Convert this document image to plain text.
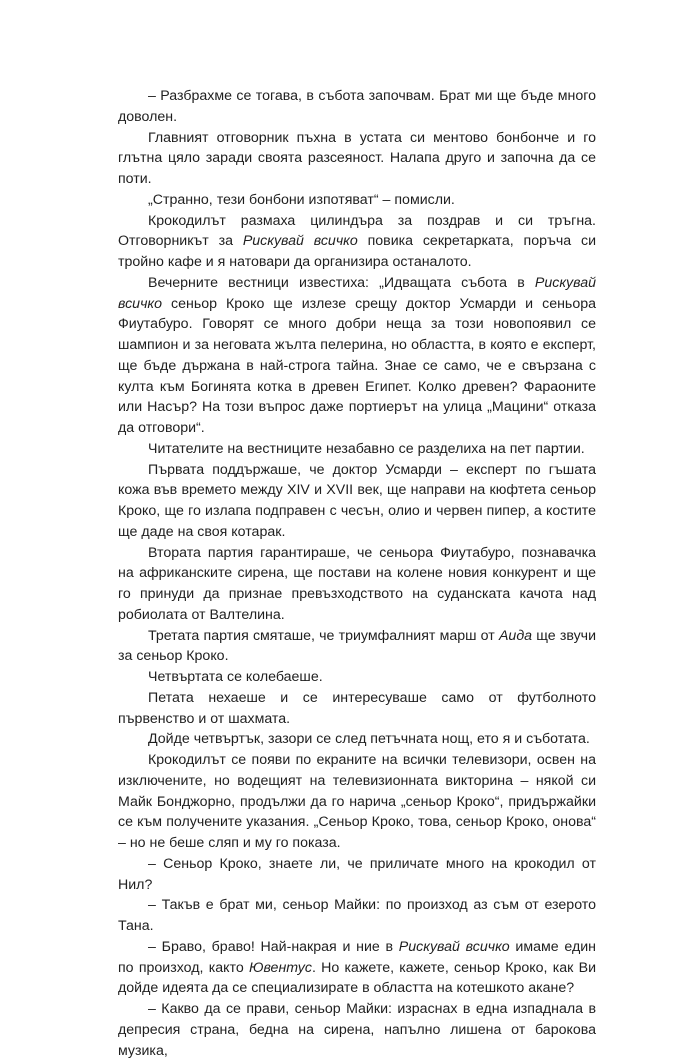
– Разбрахме се тогава, в събота започвам. Брат ми ще бъде много доволен.

Главният отговорник пъхна в устата си ментово бонбонче и го глътна цяло заради своята разсеяност. Налапа друго и започна да се поти.

„Странно, тези бонбони изпотяват“ – помисли.

Крокодилът размаха цилиндъра за поздрав и си тръгна. Отговорникът за Рискувай всичко повика секретарката, поръча си тройно кафе и я натовари да организира останалото.

Вечерните вестници известиха: „Идващата събота в Рискувай всичко сеньор Кроко ще излезе срещу доктор Усмарди и сеньора Фиутабуро. Говорят се много добри неща за този новопоявил се шампион и за неговата жълта пелерина, но областта, в която е експерт, ще бъде държана в най-строга тайна. Знае се само, че е свързана с култа към Богинята котка в древен Египет. Колко древен? Фараоните или Насър? На този въпрос даже портиерът на улица „Мацини“ отказа да отговори“.

Читателите на вестниците незабавно се разделиха на пет партии.

Първата поддържаше, че доктор Усмарди – експерт по гъшата кожа във времето между XIV и XVII век, ще направи на кюфтета сеньор Кроко, ще го излапа подправен с чесън, олио и червен пипер, а костите ще даде на своя котарак.

Втората партия гарантираше, че сеньора Фиутабуро, познавачка на африканските сирена, ще постави на колене новия конкурент и ще го принуди да признае превъзходството на суданската качота над робиолата от Валтелина.

Третата партия смяташе, че триумфалният марш от Аида ще звучи за сеньор Кроко.

Четвъртата се колебаеше.

Петата нехаеше и се интересуваше само от футболното първенство и от шахмата.

Дойде четвъртък, зазори се след петъчната нощ, ето я и съботата.

Крокодилът се появи по екраните на всички телевизори, освен на изключените, но водещият на телевизионната викторина – някой си Майк Бонджорно, продължи да го нарича „сеньор Кроко“, придържайки се към получените указания. „Сеньор Кроко, това, сеньор Кроко, онова“ – но не беше сляп и му го показа.

– Сеньор Кроко, знаете ли, че приличате много на крокодил от Нил?

– Такъв е брат ми, сеньор Майки: по произход аз съм от езерото Тана.

– Браво, браво! Най-накрая и ние в Рискувай всичко имаме един по произход, както Ювентус. Но кажете, кажете, сеньор Кроко, как Ви дойде идеята да се специализирате в областта на котешкото акане?

– Какво да се прави, сеньор Майки: израснах в една изпаднала в депресия страна, бедна на сирена, напълно лишена от барокова музика,
